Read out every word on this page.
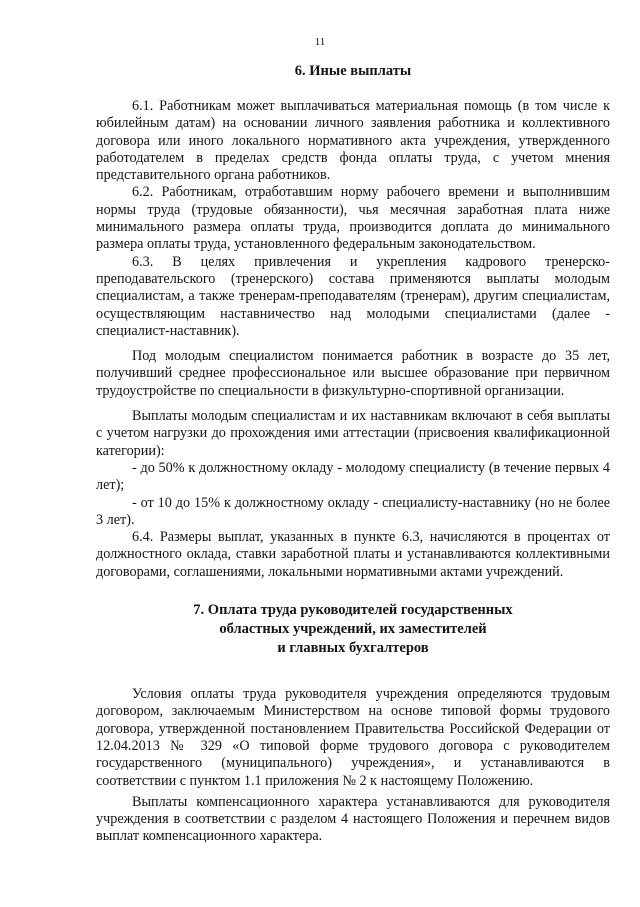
11
6. Иные выплаты

6.1. Работникам может выплачиваться материальная помощь (в том числе к юбилейным датам) на основании личного заявления работника и коллективного договора или иного локального нормативного акта учреждения, утвержденного работодателем в пределах средств фонда оплаты труда, с учетом мнения представительного органа работников.

6.2. Работникам, отработавшим норму рабочего времени и выполнившим нормы труда (трудовые обязанности), чья месячная заработная плата ниже минимального размера оплаты труда, производится доплата до минимального размера оплаты труда, установленного федеральным законодательством.

6.3. В целях привлечения и укрепления кадрового тренерско-преподавательского (тренерского) состава применяются выплаты молодым специалистам, а также тренерам-преподавателям (тренерам), другим специалистам, осуществляющим наставничество над молодыми специалистами (далее - специалист-наставник).

Под молодым специалистом понимается работник в возрасте до 35 лет, получивший среднее профессиональное или высшее образование при первичном трудоустройстве по специальности в физкультурно-спортивной организации.

Выплаты молодым специалистам и их наставникам включают в себя выплаты с учетом нагрузки до прохождения ими аттестации (присвоения квалификационной категории):

- до 50% к должностному окладу - молодому специалисту (в течение первых 4 лет);

- от 10 до 15% к должностному окладу - специалисту-наставнику (но не более 3 лет).

6.4. Размеры выплат, указанных в пункте 6.3, начисляются в процентах от должностного оклада, ставки заработной платы и устанавливаются коллективными договорами, соглашениями, локальными нормативными актами учреждений.

7. Оплата труда руководителей государственных
областных учреждений, их заместителей
и главных бухгалтеров

Условия оплаты труда руководителя учреждения определяются трудовым договором, заключаемым Министерством на основе типовой формы трудового договора, утвержденной постановлением Правительства Российской Федерации от 12.04.2013 № 329 «О типовой форме трудового договора с руководителем государственного (муниципального) учреждения», и устанавливаются в соответствии с пунктом 1.1 приложения № 2 к настоящему Положению.

Выплаты компенсационного характера устанавливаются для руководителя учреждения в соответствии с разделом 4 настоящего Положения и перечнем видов выплат компенсационного характера.
